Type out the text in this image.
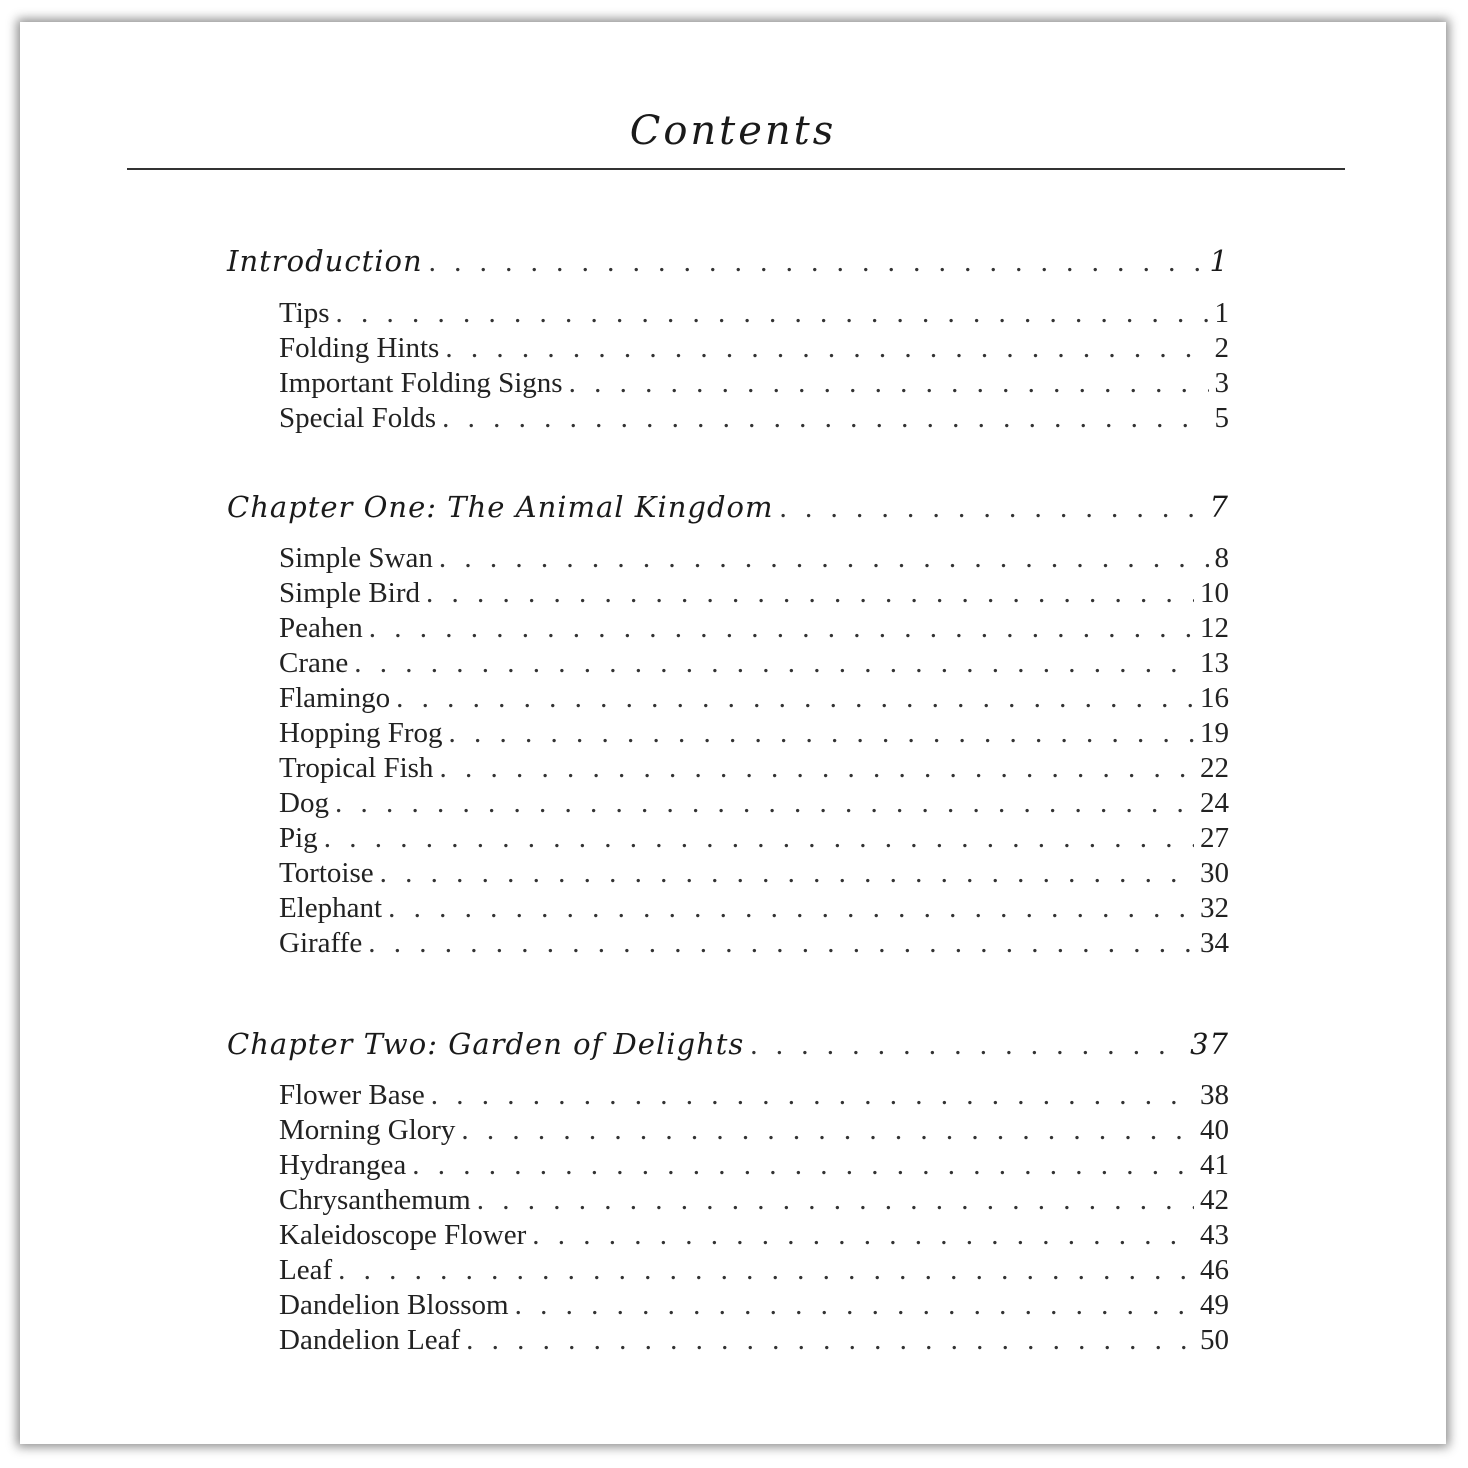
Contents
Introduction . . .	1
Tips . . .	1
Folding Hints . . .	2
Important Folding Signs . . .	3
Special Folds . . .	5
Chapter One: The Animal Kingdom . . .	7
Simple Swan . . .	8
Simple Bird . . .	10
Peahen . . .	12
Crane . . .	13
Flamingo . . .	16
Hopping Frog . . .	19
Tropical Fish . . .	22
Dog . . .	24
Pig . . .	27
Tortoise . . .	30
Elephant . . .	32
Giraffe . . .	34
Chapter Two: Garden of Delights . . .	37
Flower Base . . .	38
Morning Glory . . .	40
Hydrangea . . .	41
Chrysanthemum . . .	42
Kaleidoscope Flower . . .	43
Leaf . . .	46
Dandelion Blossom . . .	49
Dandelion Leaf . . .	50
